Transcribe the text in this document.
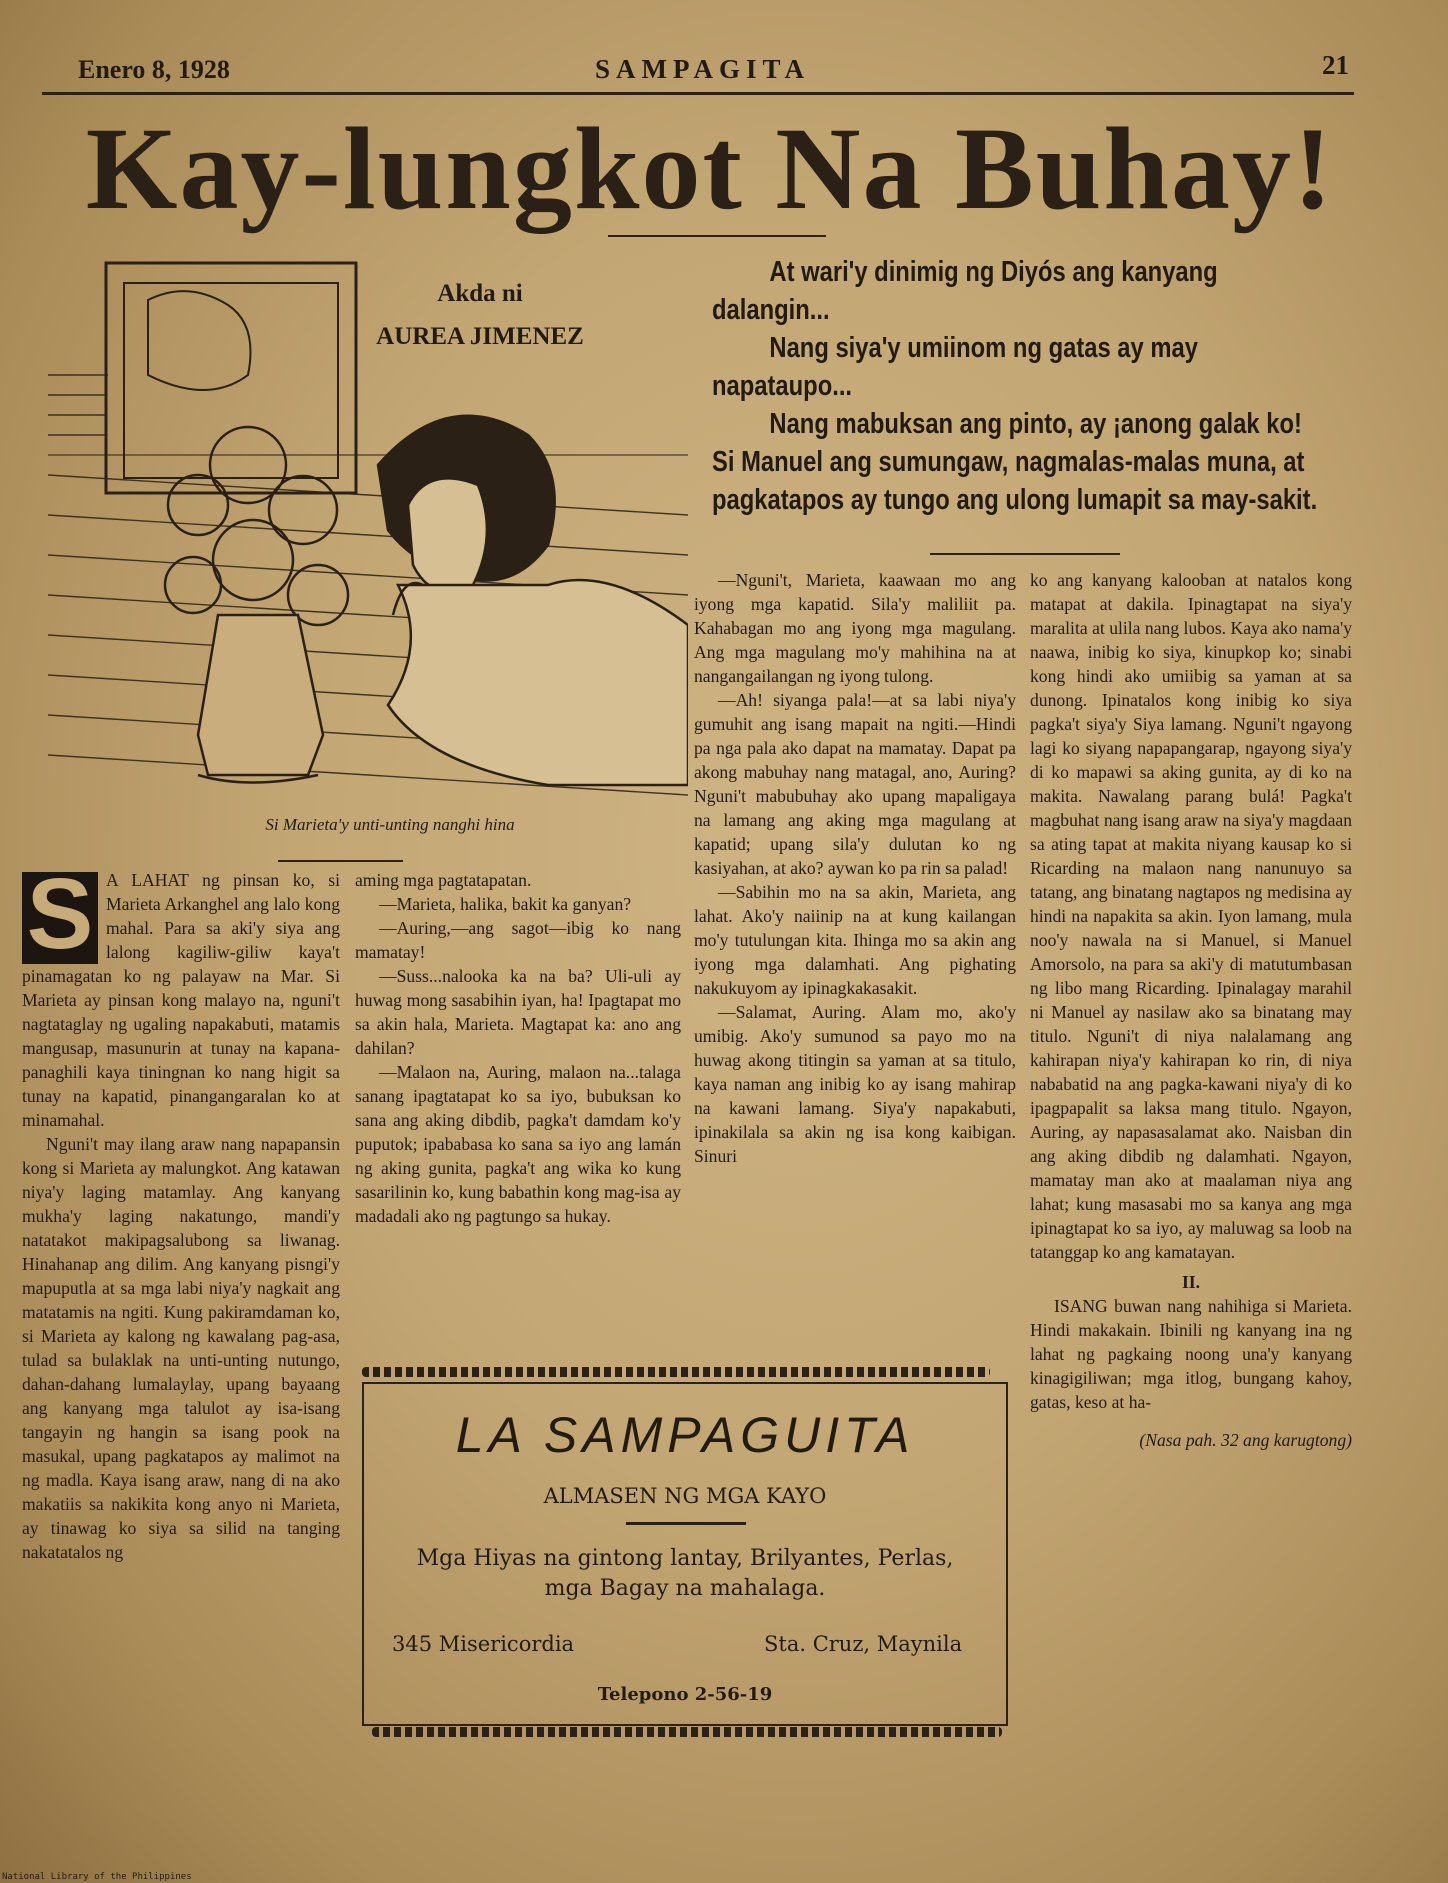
Enero 8, 1928	SAMPAGITA	21
Kay-lungkot Na Buhay!
Si Marieta'y unti-unting nanghi hina
Akda ni
AUREA JIMENEZ

At wari'y dinimig ng Diyós ang kanyang dalangin...

Nang siya'y umiinom ng gatas ay may napataupo...

Nang mabuksan ang pinto, ay ¡anong galak ko! Si Manuel ang sumungaw, nagmalas-malas muna, at pagkatapos ay tungo ang ulong lumapit sa may-sakit.

S A LAHAT ng pinsan ko, si Marieta Arkanghel ang lalo kong mahal. Para sa aki'y siya ang lalong kagiliw-giliw kaya't pinamagatan ko ng palayaw na Mar. Si Marieta ay pinsan kong malayo na, nguni't nagtataglay ng ugaling napakabuti, matamis mangusap, masunurin at tunay na kapana-panaghili kaya tiningnan ko nang higit sa tunay na kapatid, pinangangaralan ko at minamahal.

Nguni't may ilang araw nang napapansin kong si Marieta ay malungkot. Ang katawan niya'y laging matamlay. Ang kanyang mukha'y laging nakatungo, mandi'y natatakot makipagsalubong sa liwanag. Hinahanap ang dilim. Ang kanyang pisngi'y mapuputla at sa mga labi niya'y nagkait ang matatamis na ngiti. Kung pakiramdaman ko, si Marieta ay kalong ng kawalang pag-asa, tulad sa bulaklak na unti-unting nutungo, dahan-dahang lumalaylay, upang bayaang ang kanyang mga talulot ay isa-isang tangayin ng hangin sa isang pook na masukal, upang pagkatapos ay malimot na ng madla. Kaya isang araw, nang di na ako makatiis sa nakikita kong anyo ni Marieta, ay tinawag ko siya sa silid na tanging nakatatalos ng

aming mga pagtatapatan.

—Marieta, halika, bakit ka ganyan?

—Auring,—ang sagot—ibig ko nang mamatay!

—Suss...nalooka ka na ba? Uli-uli ay huwag mong sasabihin iyan, ha! Ipagtapat mo sa akin hala, Marieta. Magtapat ka: ano ang dahilan?

—Malaon na, Auring, malaon na...talaga sanang ipagtatapat ko sa iyo, bubuksan ko sana ang aking dibdib, pagka't damdam ko'y puputok; ipababasa ko sana sa iyo ang lamán ng aking gunita, pagka't ang wika ko kung sasarilinin ko, kung babathin kong mag-isa ay madadali ako ng pagtungo sa hukay.

—Nguni't, Marieta, kaawaan mo ang iyong mga kapatid. Sila'y maliliit pa. Kahabagan mo ang iyong mga magulang. Ang mga magulang mo'y mahihina na at nangangailangan ng iyong tulong.

—Ah! siyanga pala!—at sa labi niya'y gumuhit ang isang mapait na ngiti.—Hindi pa nga pala ako dapat na mamatay. Dapat pa akong mabuhay nang matagal, ano, Auring? Nguni't mabubuhay ako upang mapaligaya na lamang ang aking mga magulang at kapatid; upang sila'y dulutan ko ng kasiyahan, at ako? aywan ko pa rin sa palad!

—Sabihin mo na sa akin, Marieta, ang lahat. Ako'y naiinip na at kung kailangan mo'y tutulungan kita. Ihinga mo sa akin ang iyong mga dalamhati. Ang pighating nakukuyom ay ipinagkakasakit.

—Salamat, Auring. Alam mo, ako'y umibig. Ako'y sumunod sa payo mo na huwag akong titingin sa yaman at sa titulo, kaya naman ang inibig ko ay isang mahirap na kawani lamang. Siya'y napakabuti, ipinakilala sa akin ng isa kong kaibigan. Sinuri

ko ang kanyang kalooban at natalos kong matapat at dakila. Ipinagtapat na siya'y maralita at ulila nang lubos. Kaya ako nama'y naawa, inibig ko siya, kinupkop ko; sinabi kong hindi ako umiibig sa yaman at sa dunong. Ipinatalos kong inibig ko siya pagka't siya'y Siya lamang. Nguni't ngayong lagi ko siyang napapangarap, ngayong siya'y di ko mapawi sa aking gunita, ay di ko na makita. Nawalang parang bulá! Pagka't magbuhat nang isang araw na siya'y magdaan sa ating tapat at makita niyang kausap ko si Ricarding na malaon nang nanunuyo sa tatang, ang binatang nagtapos ng medisina ay hindi na napakita sa akin. Iyon lamang, mula noo'y nawala na si Manuel, si Manuel Amorsolo, na para sa aki'y di matutumbasan ng libo mang Ricarding. Ipinalagay marahil ni Manuel ay nasilaw ako sa binatang may titulo. Nguni't di niya nalalamang ang kahirapan niya'y kahirapan ko rin, di niya nababatid na ang pagka-kawani niya'y di ko ipagpapalit sa laksa mang titulo. Ngayon, Auring, ay napasasalamat ako. Naisban din ang aking dibdib ng dalamhati. Ngayon, mamatay man ako at maalaman niya ang lahat; kung masasabi mo sa kanya ang mga ipinagtapat ko sa iyo, ay maluwag sa loob na tatanggap ko ang kamatayan.

II.

ISANG buwan nang nahihiga si Marieta. Hindi makakain. Ibinili ng kanyang ina ng lahat ng pagkaing noong una'y kanyang kinagigiliwan; mga itlog, bungang kahoy, gatas, keso at ha-

(Nasa pah. 32 ang karugtong)

LA SAMPAGUITA
ALMASEN NG MGA KAYO
Mga Hiyas na gintong lantay, Brilyantes, Perlas, mga Bagay na mahalaga.
345 Misericordia	Sta. Cruz, Maynila
Telepono 2-56-19
National Library of the Philippines
